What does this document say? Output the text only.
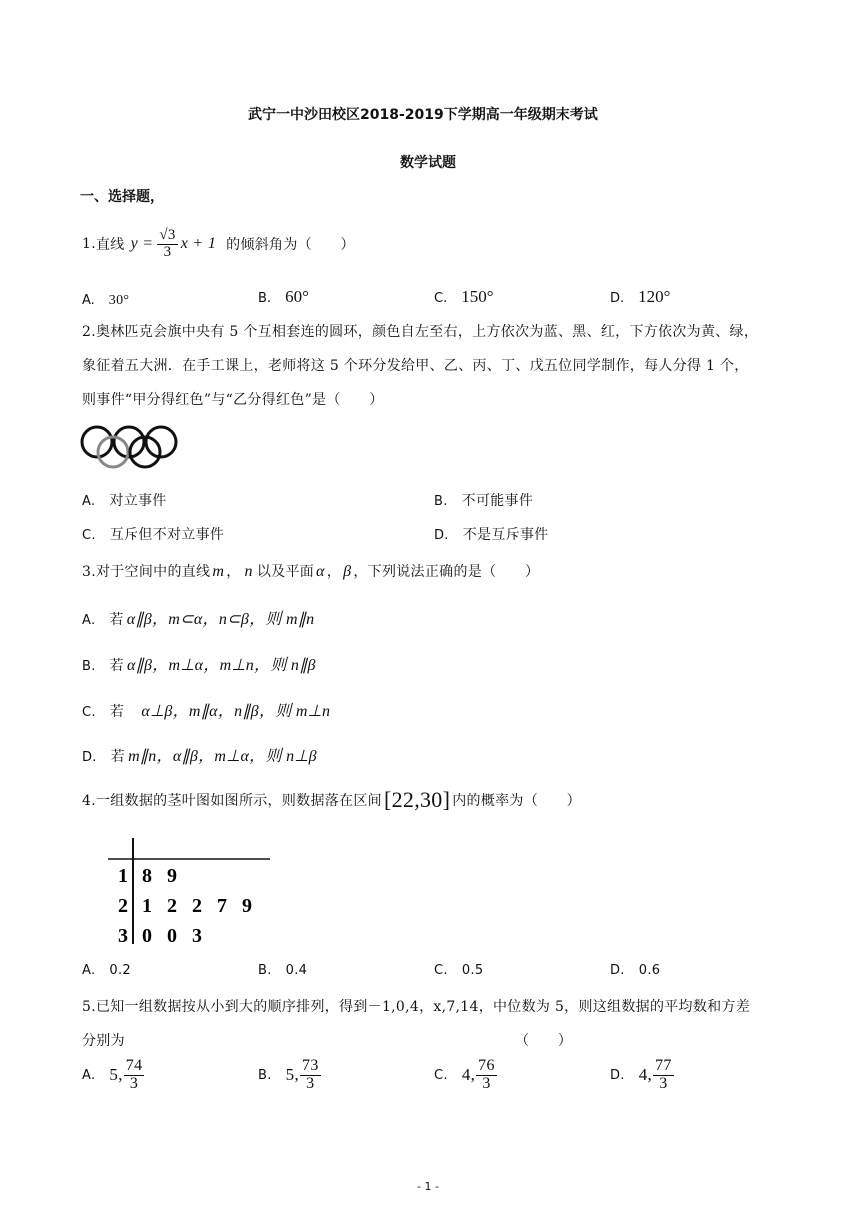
武宁一中沙田校区2018-2019下学期高一年级期末考试
数学试题
一、选择题，
1. 直线 $y = \frac{√3}{3}$ x + 1 的倾斜角为（　　）
A. 30°	B. 60°	C. 150°	D. 120°
2.奥林匹克会旗中央有 5 个互相套连的圆环，颜色自左至右，上方依次为蓝、黑、红，下方依次为黄、绿，
象征着五大洲．在手工课上，老师将这 5 个环分发给甲、乙、丙、丁、戊五位同学制作，每人分得 1 个，
则事件“甲分得红色”与“乙分得红色”是（　　）
A. 对立事件	B. 不可能事件
C. 互斥但不对立事件	D. 不是互斥事件
3.对于空间中的直线 m ， n 以及平面 α ， β ，下列说法正确的是（　　）
A. 若 α∥β，m⊂α，n⊂β，则 m∥n
B. 若 α∥β，m⊥α，m⊥n，则 n∥β
C. 若　α⊥β，m∥α，n∥β，则 m⊥n
D. 若 m∥n，α∥β，m⊥α，则 n⊥β
4.一组数据的茎叶图如图所示，则数据落在区间[22,30] 内的概率为（　　）
1 8 9
2 1 2 2 7 9
3 0 0 3
A. 0.2	B. 0.4	C. 0.5	D. 0.6
5.已知一组数据按从小到大的顺序排列，得到－1,0,4，x,7,14，中位数为 5，则这组数据的平均数和方差
分别为	（　　）
A. 5, $\frac{74}{3}$	B. 5, $\frac{73}{3}$	C. 4, $\frac{76}{3}$	D. 4, $\frac{77}{3}$
- 1 -
